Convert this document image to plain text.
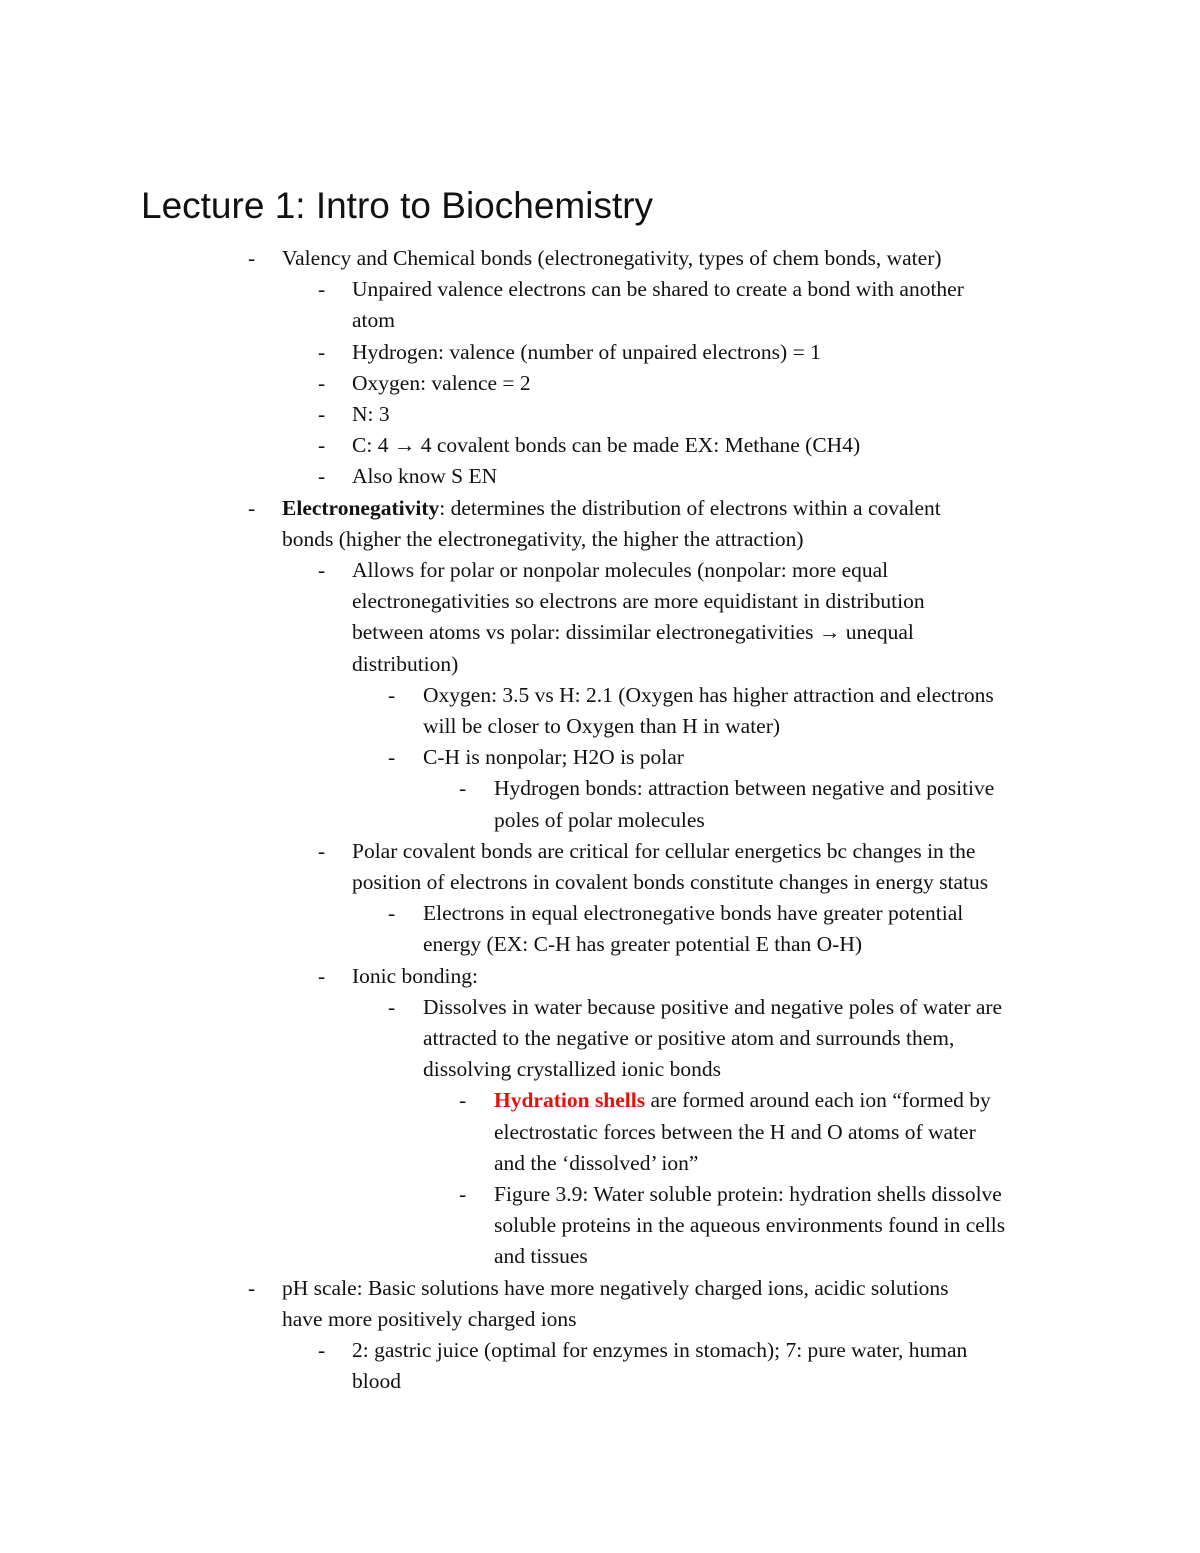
Lecture 1: Intro to Biochemistry
- Valency and Chemical bonds (electronegativity, types of chem bonds, water)
- Unpaired valence electrons can be shared to create a bond with another
atom
- Hydrogen: valence (number of unpaired electrons) = 1
- Oxygen: valence = 2
- N: 3
- C: 4 → 4 covalent bonds can be made EX: Methane (CH4)
- Also know S EN
- Electronegativity: determines the distribution of electrons within a covalent
bonds (higher the electronegativity, the higher the attraction)
- Allows for polar or nonpolar molecules (nonpolar: more equal
electronegativities so electrons are more equidistant in distribution
between atoms vs polar: dissimilar electronegativities → unequal
distribution)
- Oxygen: 3.5 vs H: 2.1 (Oxygen has higher attraction and electrons
will be closer to Oxygen than H in water)
- C-H is nonpolar; H2O is polar
- Hydrogen bonds: attraction between negative and positive
poles of polar molecules
- Polar covalent bonds are critical for cellular energetics bc changes in the
position of electrons in covalent bonds constitute changes in energy status
- Electrons in equal electronegative bonds have greater potential
energy (EX: C-H has greater potential E than O-H)
- Ionic bonding:
- Dissolves in water because positive and negative poles of water are
attracted to the negative or positive atom and surrounds them,
dissolving crystallized ionic bonds
- Hydration shells are formed around each ion “formed by
electrostatic forces between the H and O atoms of water
and the ‘dissolved’ ion”
- Figure 3.9: Water soluble protein: hydration shells dissolve
soluble proteins in the aqueous environments found in cells
and tissues
- pH scale: Basic solutions have more negatively charged ions, acidic solutions
have more positively charged ions
- 2: gastric juice (optimal for enzymes in stomach); 7: pure water, human
blood
